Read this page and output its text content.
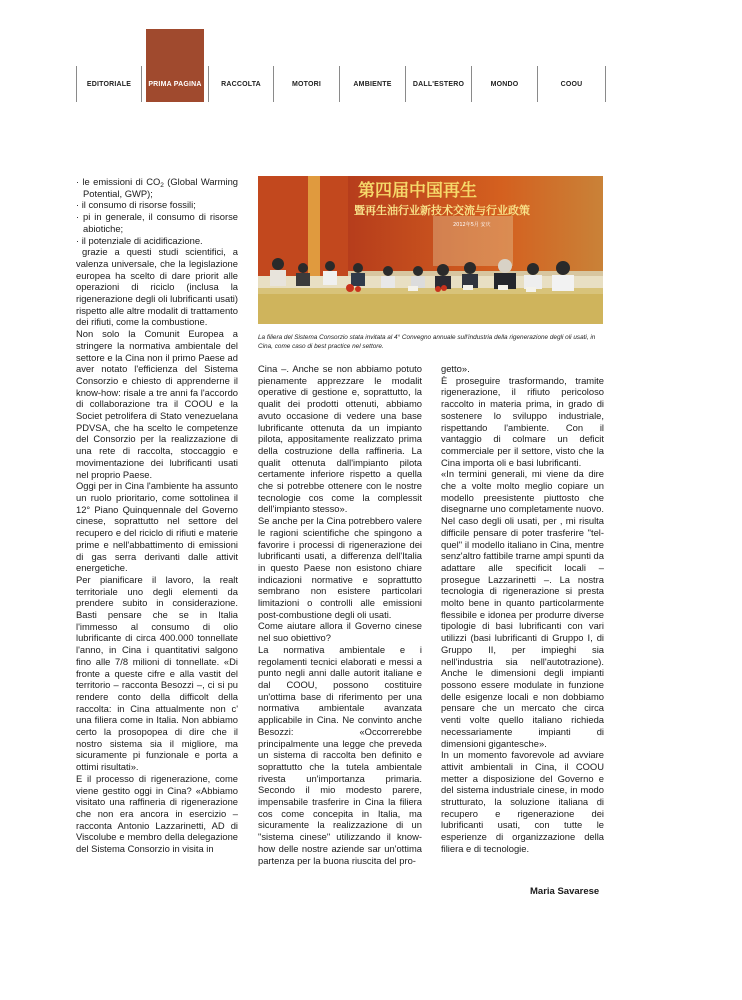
EDITORIALE	PRIMA PAGINA	RACCOLTA	MOTORI	AMBIENTE	DALL'ESTERO	MONDO	COOU

· le emissioni di $CO_2$ (Global Warming Potential, GWP);

· il consumo di risorse fossili;

· pi in generale, il consumo di risorse abiotiche;

· il potenziale di acidificazione.

grazie a questi studi scientifici, a valenza universale, che la legislazione europea ha scelto di dare priorit alle operazioni di riciclo (inclusa la rigenerazione degli oli lubrificanti usati) rispetto alle altre modalit di trattamento dei rifiuti, come la combustione.

Non solo la Comunit Europea a stringere la normativa ambientale del settore e la Cina non il primo Paese ad aver notato l'efficienza del Sistema Consorzio e chiesto di apprenderne il know-how: risale a tre anni fa l'accordo di collaborazione tra il COOU e la Societ petrolifera di Stato venezuelana PDVSA, che ha scelto le competenze del Consorzio per la realizzazione di una rete di raccolta, stoccaggio e movimentazione dei lubrificanti usati nel proprio Paese.

Oggi per in Cina l'ambiente ha assunto un ruolo prioritario, come sottolinea il 12° Piano Quinquennale del Governo cinese, soprattutto nel settore del recupero e del riciclo di rifiuti e materie prime e nell'abbattimento di emissioni di gas serra derivanti dalle attivit energetiche.

Per pianificare il lavoro, la realt territoriale uno degli elementi da prendere subito in considerazione. Basti pensare che se in Italia l'immesso al consumo di olio lubrificante di circa 400.000 tonnellate l'anno, in Cina i quantitativi salgono fino alle 7/8 milioni di tonnellate. «Di fronte a queste cifre e alla vastit del territorio – racconta Besozzi –, ci si pu rendere conto della difficolt della raccolta: in Cina attualmente non c' una filiera come in Italia. Non abbiamo certo la prosopopea di dire che il nostro sistema sia il migliore, ma sicuramente pi funzionale e porta a ottimi risultati».

E il processo di rigenerazione, come viene gestito oggi in Cina? «Abbiamo visitato una raffineria di rigenerazione che non era ancora in esercizio – racconta Antonio Lazzarinetti, AD di Viscolube e membro della delegazione del Sistema Consorzio in visita in

第四届中国再生
暨再生油行业新技术交流与行业政策
2012年5月 安庆
La filiera del Sistema Consorzio stata invitata al 4° Convegno annuale sull'industria della rigenerazione degli oli usati, in Cina, come caso di best practice nel settore.

Cina –. Anche se non abbiamo potuto pienamente apprezzare le modalit operative di gestione e, soprattutto, la qualit dei prodotti ottenuti, abbiamo avuto occasione di vedere una base lubrificante ottenuta da un impianto pilota, appositamente realizzato prima della costruzione della raffineria. La qualit ottenuta dall'impianto pilota certamente inferiore rispetto a quella che si potrebbe ottenere con le nostre tecnologie cos come la complessit dell'impianto stesso».

Se anche per la Cina potrebbero valere le ragioni scientifiche che spingono a favorire i processi di rigenerazione dei lubrificanti usati, a differenza dell'Italia in questo Paese non esistono chiare indicazioni normative e soprattutto sembrano non esistere particolari limitazioni o controlli alle emissioni post-combustione degli oli usati.

Come aiutare allora il Governo cinese nel suo obiettivo?

La normativa ambientale e i regolamenti tecnici elaborati e messi a punto negli anni dalle autorit italiane e dal COOU, possono costituire un'ottima base di riferimento per una normativa ambientale avanzata applicabile in Cina. Ne convinto anche Besozzi: «Occorrerebbe principalmente una legge che preveda un sistema di raccolta ben definito e soprattutto che la tutela ambientale rivesta un'importanza primaria. Secondo il mio modesto parere, impensabile trasferire in Cina la filiera cos come concepita in Italia, ma sicuramente la realizzazione di un "sistema cinese" utilizzando il know-how delle nostre aziende sar un'ottima partenza per la buona riuscita del pro-

getto».

È proseguire trasformando, tramite rigenerazione, il rifiuto pericoloso raccolto in materia prima, in grado di sostenere lo sviluppo industriale, rispettando l'ambiente. Con il vantaggio di colmare un deficit commerciale per il settore, visto che la Cina importa oli e basi lubrificanti.

«In termini generali, mi viene da dire che a volte molto meglio copiare un modello preesistente piuttosto che disegnarne uno completamente nuovo. Nel caso degli oli usati, per , mi risulta difficile pensare di poter trasferire "tel-quel" il modello italiano in Cina, mentre senz'altro fattibile trarne ampi spunti da adattare alle specificit locali – prosegue Lazzarinetti –. La nostra tecnologia di rigenerazione si presta molto bene in quanto particolarmente flessibile e idonea per produrre diverse tipologie di basi lubrificanti con vari utilizzi (basi lubrificanti di Gruppo I, di Gruppo II, per impieghi sia nell'industria sia nell'autotrazione). Anche le dimensioni degli impianti possono essere modulate in funzione delle esigenze locali e non dobbiamo pensare che un mercato che circa venti volte quello italiano richieda necessariamente impianti di dimensioni gigantesche».

In un momento favorevole ad avviare attivit ambientali in Cina, il COOU metter a disposizione del Governo e del sistema industriale cinese, in modo strutturato, la soluzione italiana di recupero e rigenerazione dei lubrificanti usati, con tutte le esperienze di organizzazione della filiera e di tecnologie.

Maria Savarese
